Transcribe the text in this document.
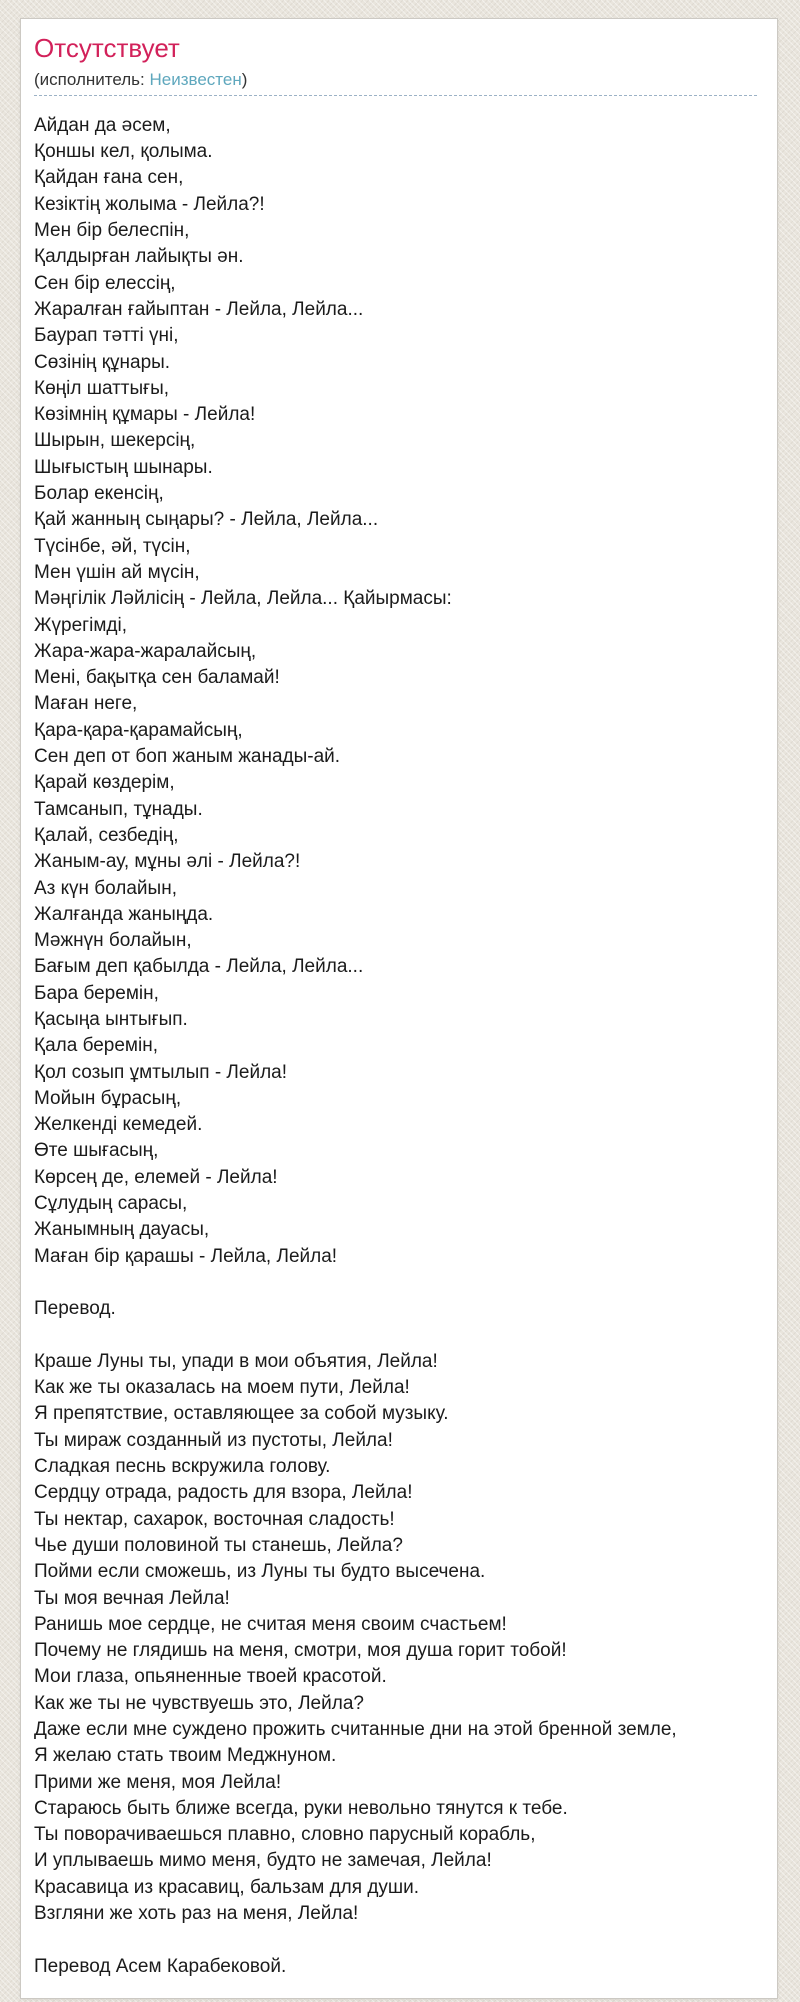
Отсутствует
(исполнитель: Неизвестен)
Айдан да әсем,
Қоншы кел, қолыма.
Қайдан ғана сен,
Кезіктің жолыма - Лейла?!
Мен бір белеспін,
Қалдырған лайықты ән.
Сен бір елессің,
Жаралған ғайыптан - Лейла, Лейла...
Баурап тәтті үні,
Сөзінің құнары.
Көңіл шаттығы,
Көзімнің құмары - Лейла!
Шырын, шекерсің,
Шығыстың шынары.
Болар екенсің,
Қай жанның сыңары? - Лейла, Лейла...
Түсінбе, әй, түсін,
Мен үшін ай мүсін,
Мәңгілік Ләйлісің - Лейла, Лейла... Қайырмасы:
Жүрегімді,
Жара-жара-жаралайсың,
Мені, бақытқа сен баламай!
Маған неге,
Қара-қара-қарамайсың,
Сен деп от боп жаным жанады-ай.
Қарай көздерім,
Тамсанып, тұнады.
Қалай, сезбедің,
Жаным-ау, мұны әлі - Лейла?!
Аз күн болайын,
Жалғанда жаныңда.
Мәжнүн болайын,
Бағым деп қабылда - Лейла, Лейла...
Бара беремін,
Қасыңа ынтығып.
Қала беремін,
Қол созып ұмтылып - Лейла!
Мойын бұрасың,
Желкенді кемедей.
Өте шығасың,
Көрсең де, елемей - Лейла!
Сұлудың сарасы,
Жанымның дауасы,
Маған бір қарашы - Лейла, Лейла!
Перевод.
Краше Луны ты, упади в мои объятия, Лейла!
Как же ты оказалась на моем пути, Лейла!
Я препятствие, оставляющее за собой музыку.
Ты мираж созданный из пустоты, Лейла!
Сладкая песнь вскружила голову.
Сердцу отрада, радость для взора, Лейла!
Ты нектар, сахарок, восточная сладость!
Чье души половиной ты станешь, Лейла?
Пойми если сможешь, из Луны ты будто высечена.
Ты моя вечная Лейла!
Ранишь мое сердце, не считая меня своим счастьем!
Почему не глядишь на меня, смотри, моя душа горит тобой!
Мои глаза, опьяненные твоей красотой.
Как же ты не чувствуешь это, Лейла?
Даже если мне суждено прожить считанные дни на этой бренной земле,
Я желаю стать твоим Меджнуном.
Прими же меня, моя Лейла!
Стараюсь быть ближе всегда, руки невольно тянутся к тебе.
Ты поворачиваешься плавно, словно парусный корабль,
И уплываешь мимо меня, будто не замечая, Лейла!
Красавица из красавиц, бальзам для души.
Взгляни же хоть раз на меня, Лейла!
Перевод Асем Карабековой.
